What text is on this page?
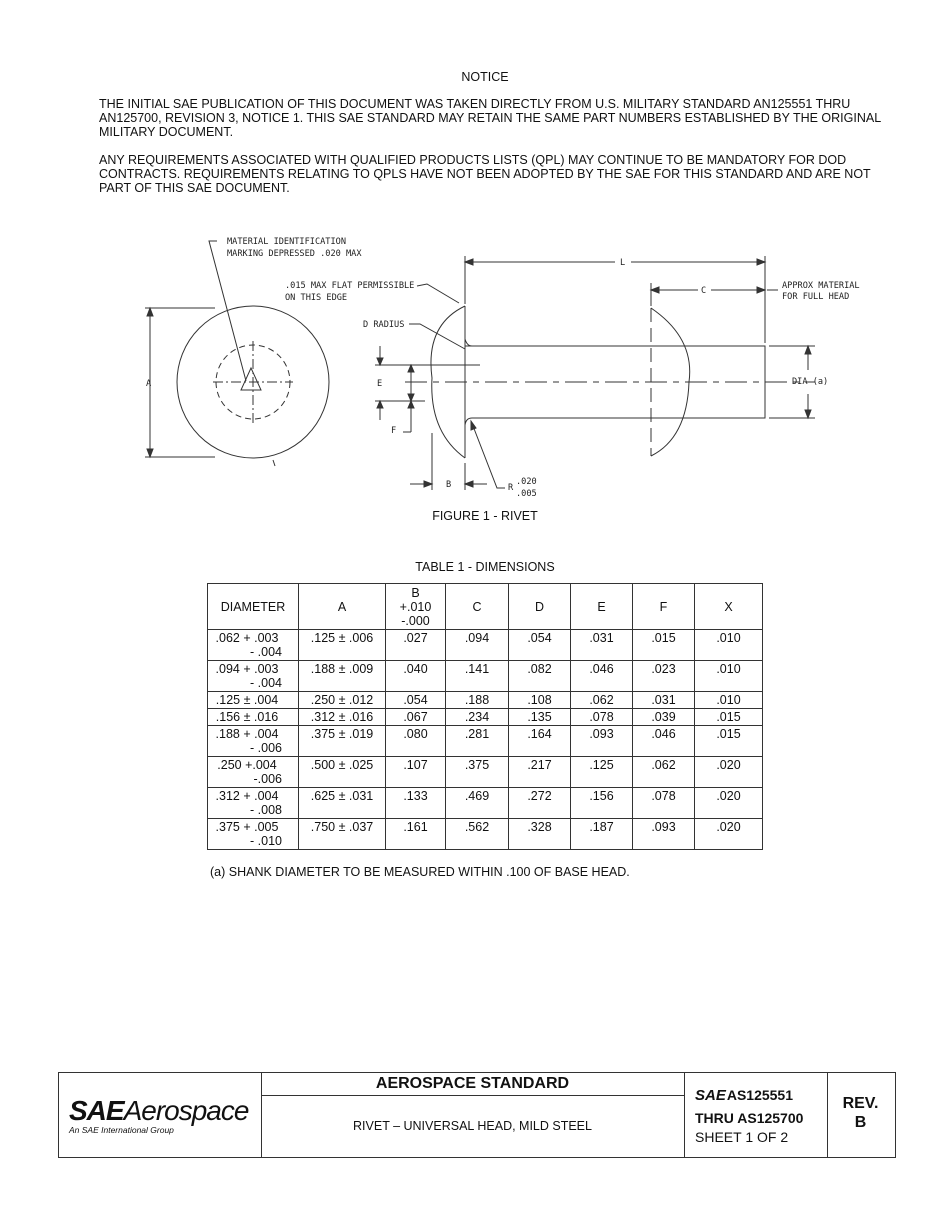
NOTICE

THE INITIAL SAE PUBLICATION OF THIS DOCUMENT WAS TAKEN DIRECTLY FROM U.S. MILITARY STANDARD AN125551 THRU AN125700, REVISION 3, NOTICE 1. THIS SAE STANDARD MAY RETAIN THE SAME PART NUMBERS ESTABLISHED BY THE ORIGINAL MILITARY DOCUMENT.

ANY REQUIREMENTS ASSOCIATED WITH QUALIFIED PRODUCTS LISTS (QPL) MAY CONTINUE TO BE MANDATORY FOR DOD CONTRACTS. REQUIREMENTS RELATING TO QPLS HAVE NOT BEEN ADOPTED BY THE SAE FOR THIS STANDARD AND ARE NOT PART OF THIS SAE DOCUMENT.

MATERIAL IDENTIFICATION
MARKING DEPRESSED .020 MAX
.015 MAX FLAT PERMISSIBLE
ON THIS EDGE
D RADIUS
L
C	APPROX MATERIAL
FOR FULL HEAD
A	E
F
B
DIA (a)
R
.020
.005
FIGURE 1 - RIVET
TABLE 1 - DIMENSIONS
DIAMETER	A	B
+.010
-.000	C	D	E	F	X

.062 + .003
- .004	.125 ± .006	.027	.094	.054	.031	.015	.010

.094 + .003
- .004	.188 ± .009	.040	.141	.082	.046	.023	.010

.125 ± .004	.250 ± .012	.054	.188	.108	.062	.031	.010

.156 ± .016	.312 ± .016	.067	.234	.135	.078	.039	.015

.188 + .004
- .006	.375 ± .019	.080	.281	.164	.093	.046	.015

.250 +.004
-.006	.500 ± .025	.107	.375	.217	.125	.062	.020

.312 + .004
- .008	.625 ± .031	.133	.469	.272	.156	.078	.020

.375 + .005
- .010	.750 ± .037	.161	.562	.328	.187	.093	.020
(a) SHANK DIAMETER TO BE MEASURED WITHIN .100 OF BASE HEAD.
SAEAerospace
An SAE International Group
AEROSPACE STANDARD
RIVET – UNIVERSAL HEAD, MILD STEEL
SAEAS125551
THRU AS125700
SHEET 1 OF 2
REV.
B
